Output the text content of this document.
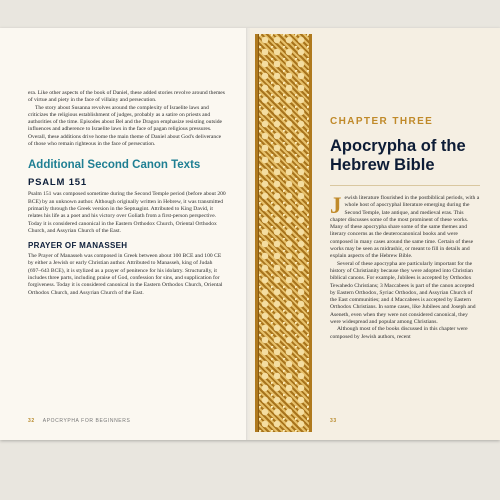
era. Like other aspects of the book of Daniel, these added stories revolve around themes of virtue and piety in the face of villainy and persecution.

The story about Susanna revolves around the complexity of Israelite laws and criticizes the religious establishment of judges, probably as a satire on priests and authorities of the time. Episodes about Bel and the Dragon emphasize resisting outside influences and adherence to Israelite laws in the face of pagan religious pressures. Overall, these additions drive home the main theme of Daniel about God's deliverance of those who remain righteous in the face of persecution.

Additional Second Canon Texts
PSALM 151

Psalm 151 was composed sometime during the Second Temple period (before about 200 BCE) by an unknown author. Although originally written in Hebrew, it was transmitted primarily through the Greek version in the Septuagint. Attributed to King David, it relates his life as a poet and his victory over Goliath from a first-person perspective. Today it is considered canonical in the Eastern Orthodox Church, Oriental Orthodox Church, and Assyrian Church of the East.

PRAYER OF MANASSEH

The Prayer of Manasseh was composed in Greek between about 100 BCE and 100 CE by either a Jewish or early Christian author. Attributed to Manasseh, king of Judah (697–643 BCE), it is stylized as a prayer of penitence for his idolatry. Structurally, it includes three parts, including praise of God, confession for sins, and supplication for forgiveness. Today it is considered canonical in the Eastern Orthodox Church, Oriental Orthodox Church, and Assyrian Church of the East.

32 APOCRYPHA FOR BEGINNERS
CHAPTER THREE
Apocrypha of the Hebrew Bible

Jewish literature flourished in the postbiblical periods, with a whole host of apocryphal literature emerging during the Second Temple, late antique, and medieval eras. This chapter discusses some of the most prominent of these works. Many of these apocrypha share some of the same themes and literary concerns as the deuterocanonical books and were composed in many cases around the same time. Certain of these works may be seen as midrashic, or meant to fill in details and explain aspects of the Hebrew Bible.

Several of these apocrypha are particularly important for the history of Christianity because they were adopted into Christian biblical canons. For example, Jubilees is accepted by Orthodox Tewahedo Christians; 3 Maccabees is part of the canon accepted by Eastern Orthodox, Syriac Orthodox, and Assyrian Church of the East communities; and 4 Maccabees is accepted by Eastern Orthodox Christians. In some cases, like Jubilees and Joseph and Aseneth, even when they were not considered canonical, they were widespread and popular among Christians.

Although most of the books discussed in this chapter were composed by Jewish authors, recent

33
